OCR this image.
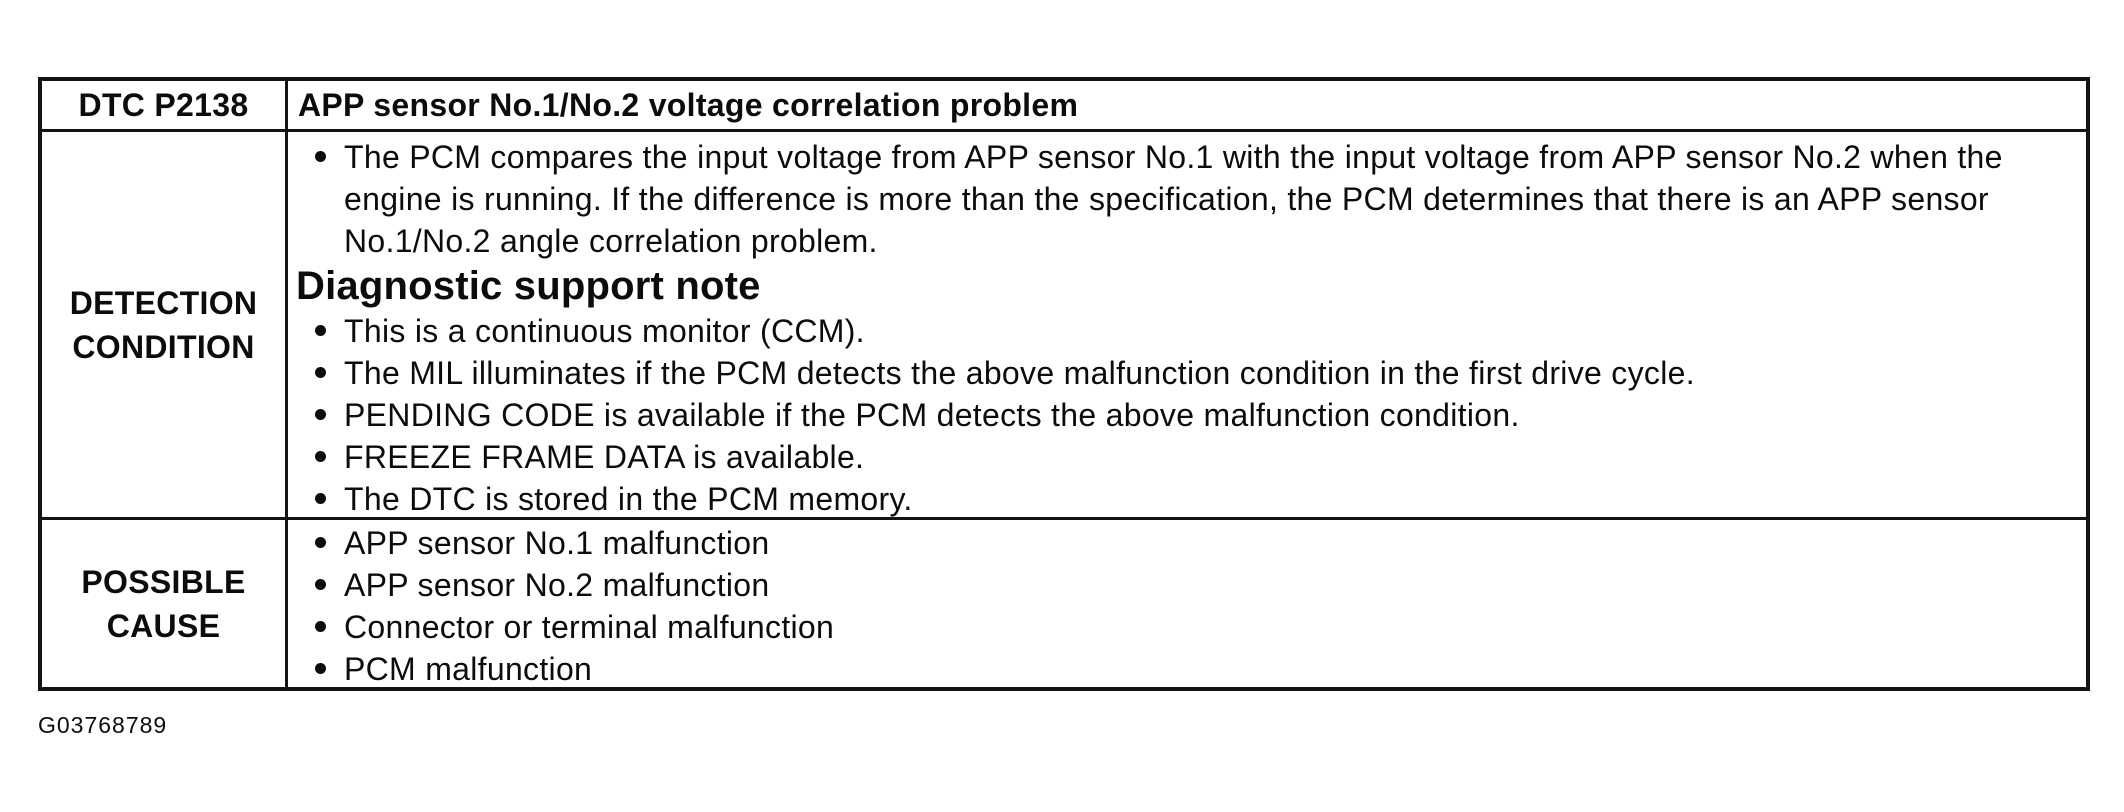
DTC P2138	APP sensor No.1/No.2 voltage correlation problem
DETECTION CONDITION
The PCM compares the input voltage from APP sensor No.1 with the input voltage from APP sensor No.2 when the engine is running. If the difference is more than the specification, the PCM determines that there is an APP sensor No.1/No.2 angle correlation problem.
Diagnostic support note
This is a continuous monitor (CCM).
The MIL illuminates if the PCM detects the above malfunction condition in the first drive cycle.
PENDING CODE is available if the PCM detects the above malfunction condition.
FREEZE FRAME DATA is available.
The DTC is stored in the PCM memory.
POSSIBLE CAUSE
APP sensor No.1 malfunction
APP sensor No.2 malfunction
Connector or terminal malfunction
PCM malfunction
G03768789
